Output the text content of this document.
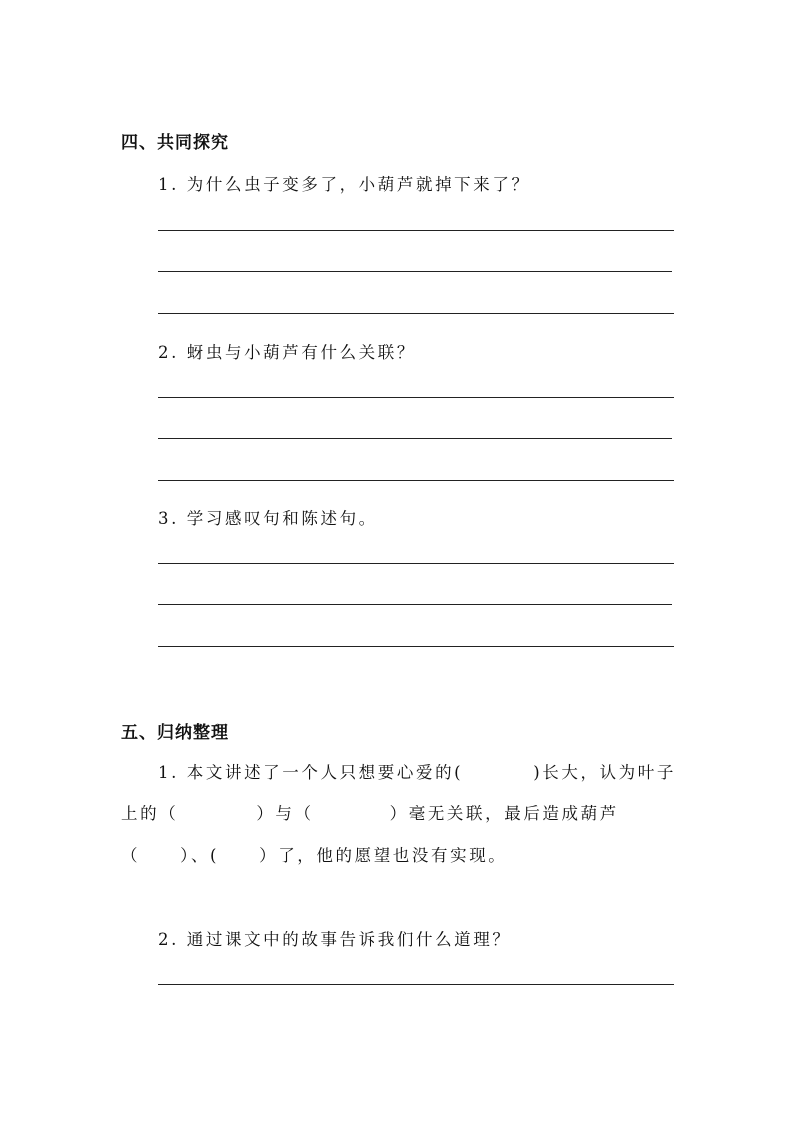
四、共同探究
1. 为什么虫子变多了，小葫芦就掉下来了？
2. 蚜虫与小葫芦有什么关联？
3. 学习感叹句和陈述句。
五、归纳整理
1. 本文讲述了一个人只想要心爱的(	)长大，认为叶子
上的（	）与（	）毫无关联，最后造成葫芦
（ ）、( ）了，他的愿望也没有实现。
2. 通过课文中的故事告诉我们什么道理？
